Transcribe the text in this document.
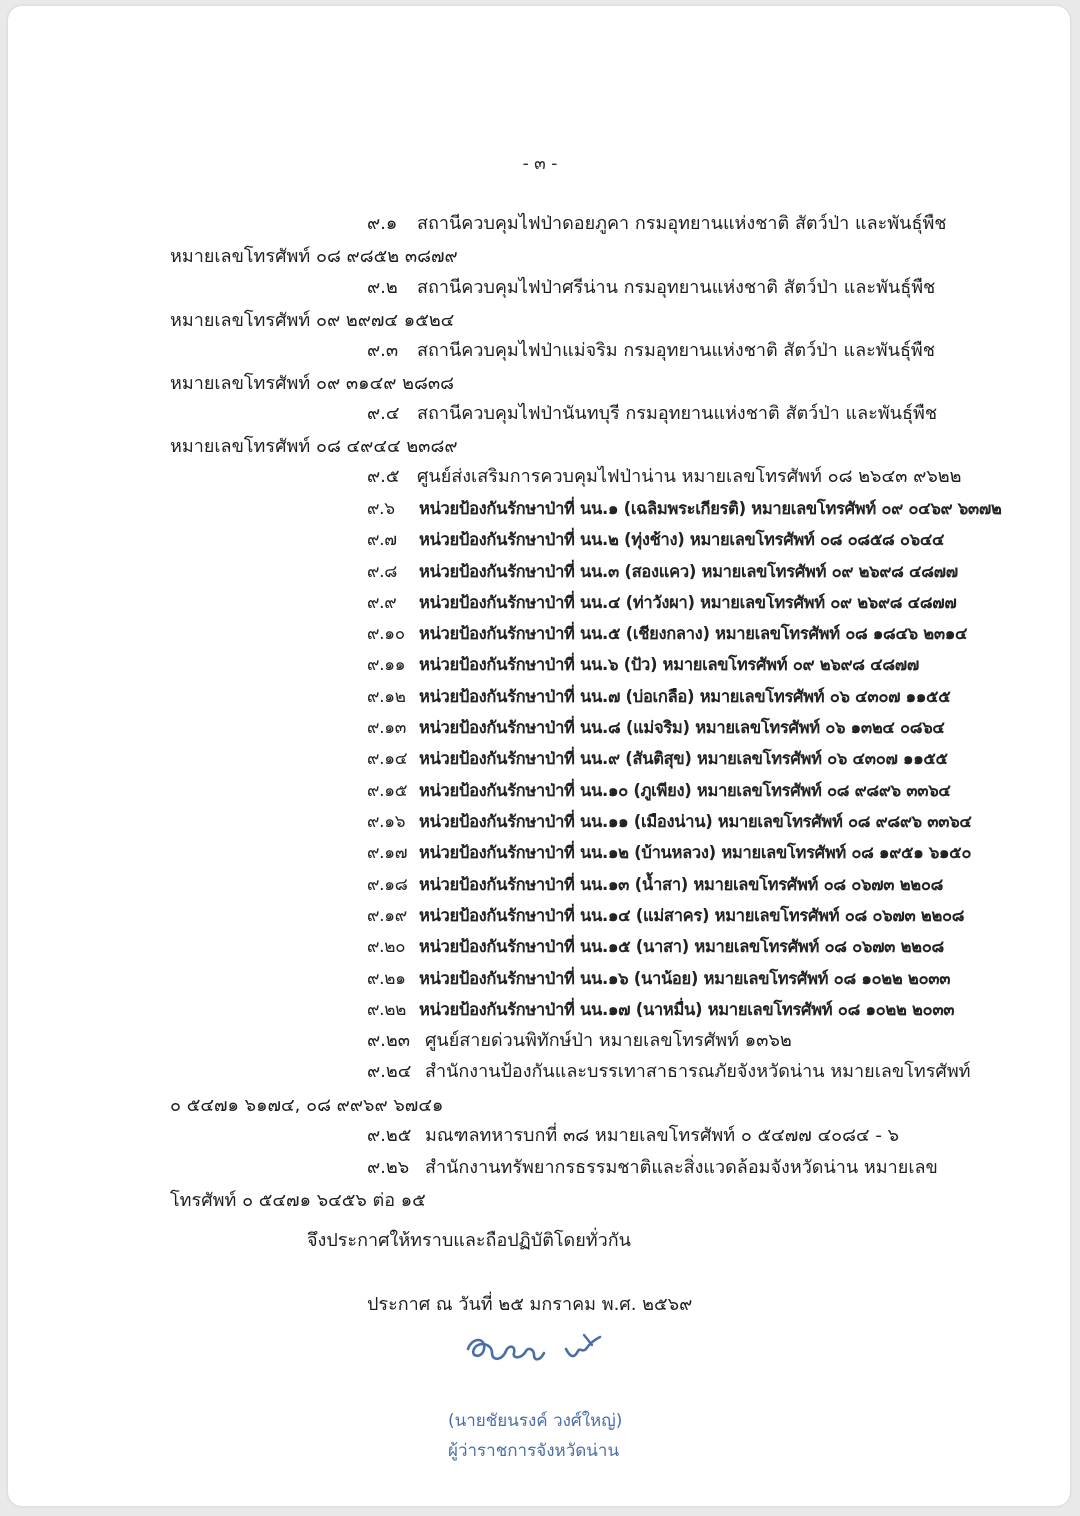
- ๓ -
๙.๑ สถานีควบคุมไฟป่าดอยภูคา กรมอุทยานแห่งชาติ สัตว์ป่า และพันธุ์พืช
หมายเลขโทรศัพท์ ๐๘ ๙๘๕๒ ๓๘๗๙
๙.๒ สถานีควบคุมไฟป่าศรีน่าน กรมอุทยานแห่งชาติ สัตว์ป่า และพันธุ์พืช
หมายเลขโทรศัพท์ ๐๙ ๒๙๗๔ ๑๕๒๔
๙.๓ สถานีควบคุมไฟป่าแม่จริม กรมอุทยานแห่งชาติ สัตว์ป่า และพันธุ์พืช
หมายเลขโทรศัพท์ ๐๙ ๓๑๔๙ ๒๘๓๘
๙.๔ สถานีควบคุมไฟป่านันทบุรี กรมอุทยานแห่งชาติ สัตว์ป่า และพันธุ์พืช
หมายเลขโทรศัพท์ ๐๘ ๔๙๔๔ ๒๓๘๙
๙.๕ ศูนย์ส่งเสริมการควบคุมไฟป่าน่าน หมายเลขโทรศัพท์ ๐๘ ๒๖๔๓ ๙๖๒๒
๙.๖ หน่วยป้องกันรักษาป่าที่ นน.๑ (เฉลิมพระเกียรติ) หมายเลขโทรศัพท์ ๐๙ ๐๔๖๙ ๖๓๗๒
๙.๗ หน่วยป้องกันรักษาป่าที่ นน.๒ (ทุ่งช้าง) หมายเลขโทรศัพท์ ๐๘ ๐๘๕๘ ๐๖๔๔
๙.๘ หน่วยป้องกันรักษาป่าที่ นน.๓ (สองแคว) หมายเลขโทรศัพท์ ๐๙ ๒๖๙๘ ๔๘๗๗
๙.๙ หน่วยป้องกันรักษาป่าที่ นน.๔ (ท่าวังผา) หมายเลขโทรศัพท์ ๐๙ ๒๖๙๘ ๔๘๗๗
๙.๑๐ หน่วยป้องกันรักษาป่าที่ นน.๕ (เชียงกลาง) หมายเลขโทรศัพท์ ๐๘ ๑๘๔๖ ๒๓๑๔
๙.๑๑ หน่วยป้องกันรักษาป่าที่ นน.๖ (ปัว) หมายเลขโทรศัพท์ ๐๙ ๒๖๙๘ ๔๘๗๗
๙.๑๒ หน่วยป้องกันรักษาป่าที่ นน.๗ (บ่อเกลือ) หมายเลขโทรศัพท์ ๐๖ ๔๓๐๗ ๑๑๕๕
๙.๑๓ หน่วยป้องกันรักษาป่าที่ นน.๘ (แม่จริม) หมายเลขโทรศัพท์ ๐๖ ๑๓๒๔ ๐๘๖๔
๙.๑๔ หน่วยป้องกันรักษาป่าที่ นน.๙ (สันติสุข) หมายเลขโทรศัพท์ ๐๖ ๔๓๐๗ ๑๑๕๕
๙.๑๕ หน่วยป้องกันรักษาป่าที่ นน.๑๐ (ภูเพียง) หมายเลขโทรศัพท์ ๐๘ ๙๘๙๖ ๓๓๖๔
๙.๑๖ หน่วยป้องกันรักษาป่าที่ นน.๑๑ (เมืองน่าน) หมายเลขโทรศัพท์ ๐๘ ๙๘๙๖ ๓๓๖๔
๙.๑๗ หน่วยป้องกันรักษาป่าที่ นน.๑๒ (บ้านหลวง) หมายเลขโทรศัพท์ ๐๘ ๑๙๕๑ ๖๑๕๐
๙.๑๘ หน่วยป้องกันรักษาป่าที่ นน.๑๓ (น้ำสา) หมายเลขโทรศัพท์ ๐๘ ๐๖๗๓ ๒๒๐๘
๙.๑๙ หน่วยป้องกันรักษาป่าที่ นน.๑๔ (แม่สาคร) หมายเลขโทรศัพท์ ๐๘ ๐๖๗๓ ๒๒๐๘
๙.๒๐ หน่วยป้องกันรักษาป่าที่ นน.๑๕ (นาสา) หมายเลขโทรศัพท์ ๐๘ ๐๖๗๓ ๒๒๐๘
๙.๒๑ หน่วยป้องกันรักษาป่าที่ นน.๑๖ (นาน้อย) หมายเลขโทรศัพท์ ๐๘ ๑๐๒๒ ๒๐๓๓
๙.๒๒ หน่วยป้องกันรักษาป่าที่ นน.๑๗ (นาหมื่น) หมายเลขโทรศัพท์ ๐๘ ๑๐๒๒ ๒๐๓๓
๙.๒๓ ศูนย์สายด่วนพิทักษ์ป่า หมายเลขโทรศัพท์ ๑๓๖๒
๙.๒๔ สำนักงานป้องกันและบรรเทาสาธารณภัยจังหวัดน่าน หมายเลขโทรศัพท์
๐ ๕๔๗๑ ๖๑๗๔, ๐๘ ๙๙๖๙ ๖๗๔๑
๙.๒๕ มณฑลทหารบกที่ ๓๘ หมายเลขโทรศัพท์ ๐ ๕๔๗๗ ๔๐๘๔ - ๖
๙.๒๖ สำนักงานทรัพยากรธรรมชาติและสิ่งแวดล้อมจังหวัดน่าน หมายเลข
โทรศัพท์ ๐ ๕๔๗๑ ๖๔๕๖ ต่อ ๑๕
จึงประกาศให้ทราบและถือปฏิบัติโดยทั่วกัน
ประกาศ ณ วันที่ ๒๕ มกราคม พ.ศ. ๒๕๖๙
(นายชัยนรงค์ วงศ์ใหญ่)
ผู้ว่าราชการจังหวัดน่าน
